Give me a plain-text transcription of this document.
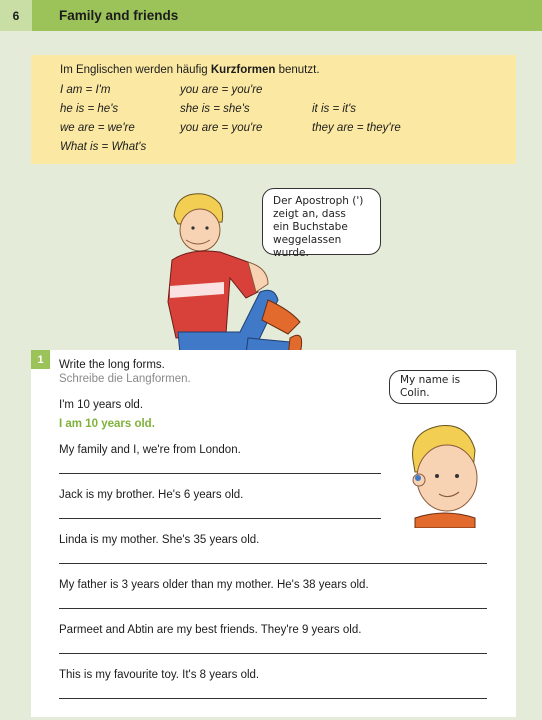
6	Family and friends
Im Englischen werden häufig Kurzformen benutzt.
I am = I'm	you are = you're
he is = he's	she is = she's	it is = it's
we are = we're	you are = you're	they are = they're
What is = What's
Der Apostroph (')
zeigt an, dass
ein Buchstabe
weggelassen wurde.
1	Write the long forms.
Schreibe die Langformen.
I'm 10 years old.
I am 10 years old.
My name is Colin.
My family and I, we're from London.
Jack is my brother. He's 6 years old.
Linda is my mother. She's 35 years old.
My father is 3 years older than my mother. He's 38 years old.
Parmeet and Abtin are my best friends. They're 9 years old.
This is my favourite toy. It's 8 years old.
